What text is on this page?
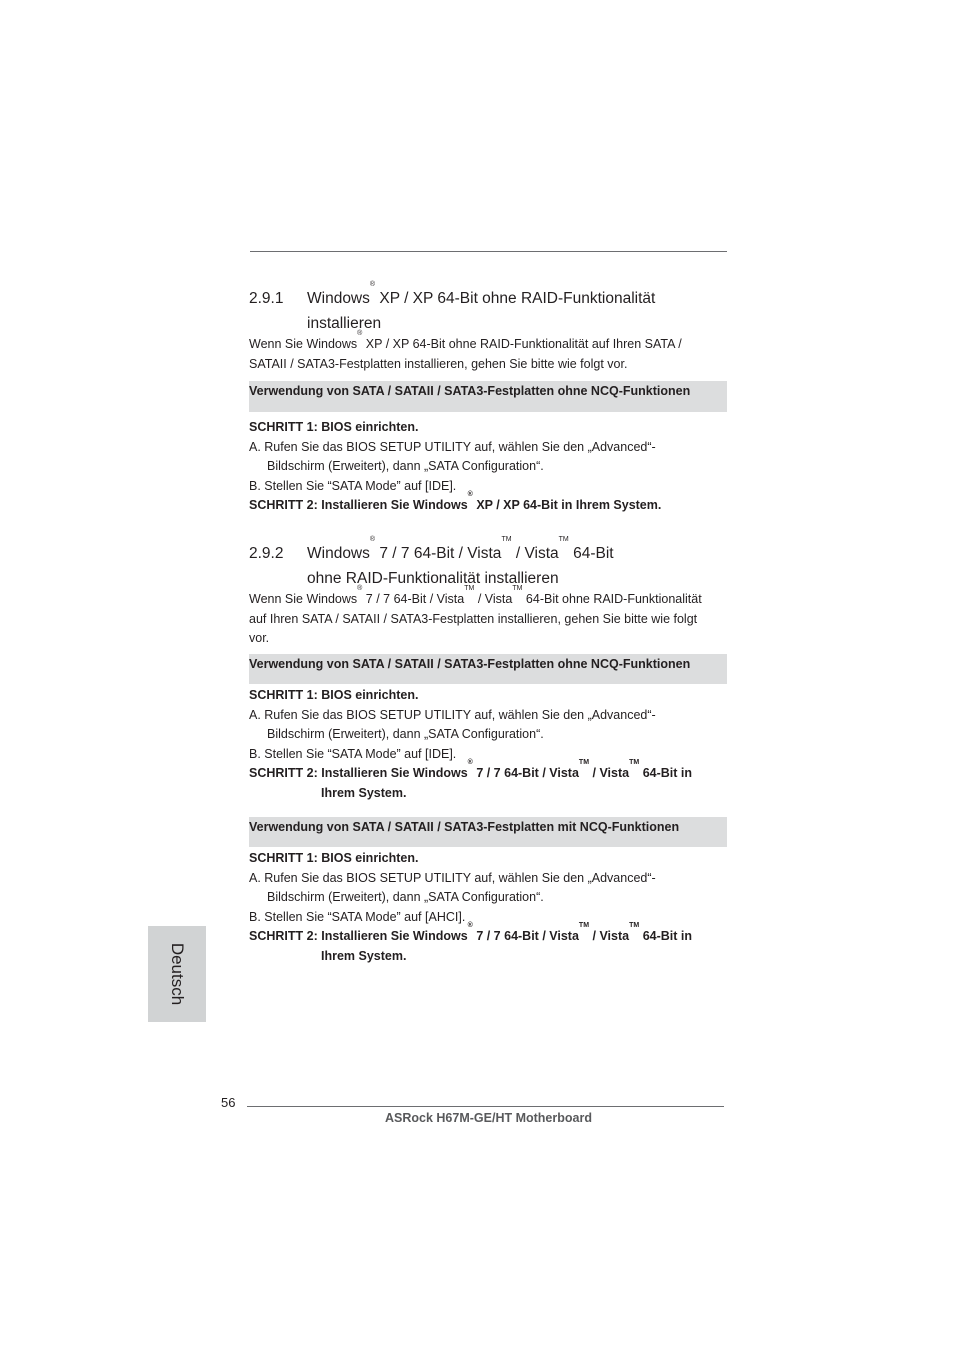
2.9.1 Windows® XP / XP 64-Bit ohne RAID-Funktionalität
installieren
Wenn Sie Windows® XP / XP 64-Bit ohne RAID-Funktionalität auf Ihren SATA /
SATAII / SATA3-Festplatten installieren, gehen Sie bitte wie folgt vor.
Verwendung von SATA / SATAII / SATA3-Festplatten ohne NCQ-Funktionen
SCHRITT 1: BIOS einrichten.
A. Rufen Sie das BIOS SETUP UTILITY auf, wählen Sie den „Advanced“-
Bildschirm (Erweitert), dann „SATA Configuration“.
B. Stellen Sie “SATA Mode” auf [IDE].
SCHRITT 2: Installieren Sie Windows® XP / XP 64-Bit in Ihrem System.
2.9.2 Windows® 7 / 7 64-Bit / Vista™ / Vista™ 64-Bit
ohne RAID-Funktionalität installieren
Wenn Sie Windows® 7 / 7 64-Bit / Vista™ / Vista™ 64-Bit ohne RAID-Funktionalität
auf Ihren SATA / SATAII / SATA3-Festplatten installieren, gehen Sie bitte wie folgt
vor.
Verwendung von SATA / SATAII / SATA3-Festplatten ohne NCQ-Funktionen
SCHRITT 1: BIOS einrichten.
A. Rufen Sie das BIOS SETUP UTILITY auf, wählen Sie den „Advanced“-
Bildschirm (Erweitert), dann „SATA Configuration“.
B. Stellen Sie “SATA Mode” auf [IDE].
SCHRITT 2: Installieren Sie Windows® 7 / 7 64-Bit / Vista™ / Vista™ 64-Bit in
Ihrem System.
Verwendung von SATA / SATAII / SATA3-Festplatten mit NCQ-Funktionen
SCHRITT 1: BIOS einrichten.
A. Rufen Sie das BIOS SETUP UTILITY auf, wählen Sie den „Advanced“-
Bildschirm (Erweitert), dann „SATA Configuration“.
B. Stellen Sie “SATA Mode” auf [AHCI].
SCHRITT 2: Installieren Sie Windows® 7 / 7 64-Bit / Vista™ / Vista™ 64-Bit in
Ihrem System.
Deutsch
56
ASRock H67M-GE/HT Motherboard
